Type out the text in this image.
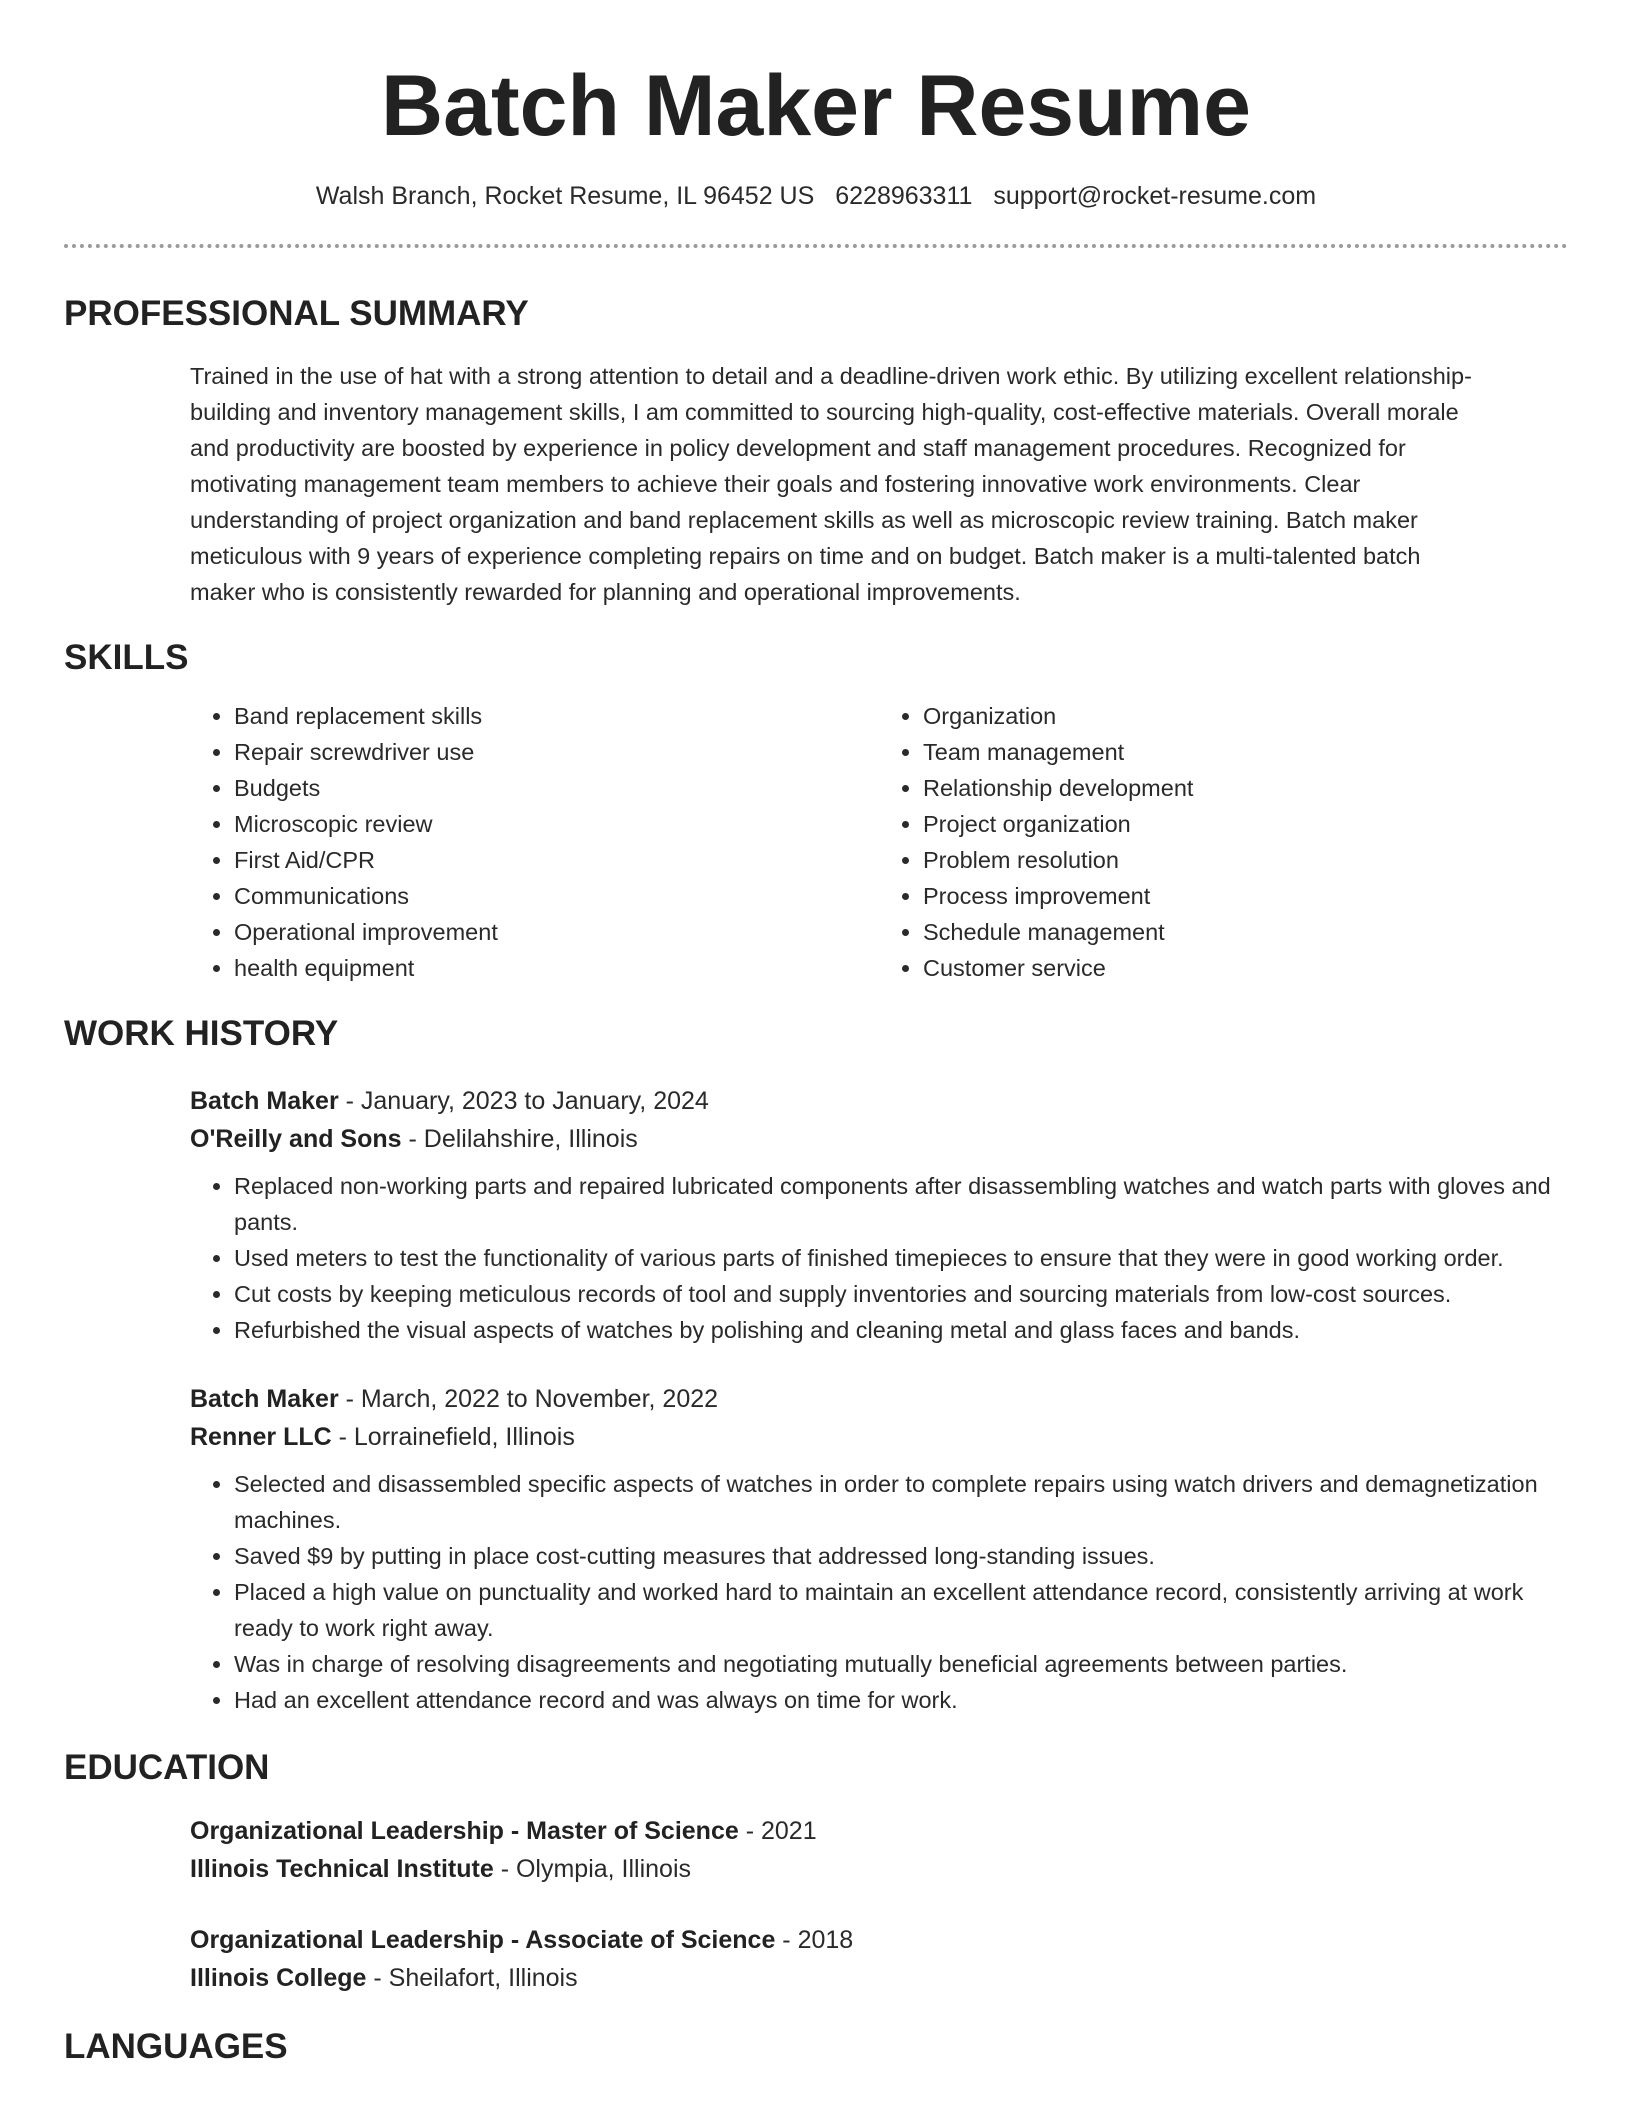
Batch Maker Resume
Walsh Branch, Rocket Resume, IL 96452 US 6228963311 support@rocket-resume.com
PROFESSIONAL SUMMARY

Trained in the use of hat with a strong attention to detail and a deadline-driven work ethic. By utilizing excellent relationship-

building and inventory management skills, I am committed to sourcing high-quality, cost-effective materials. Overall morale

and productivity are boosted by experience in policy development and staff management procedures. Recognized for

motivating management team members to achieve their goals and fostering innovative work environments. Clear

understanding of project organization and band replacement skills as well as microscopic review training. Batch maker

meticulous with 9 years of experience completing repairs on time and on budget. Batch maker is a multi-talented batch

maker who is consistently rewarded for planning and operational improvements.

SKILLS
• Band replacement skills
• Repair screwdriver use
• Budgets
• Microscopic review
• First Aid/CPR
• Communications
• Operational improvement
• health equipment
• Organization
• Team management
• Relationship development
• Project organization
• Problem resolution
• Process improvement
• Schedule management
• Customer service
WORK HISTORY
Batch Maker - January, 2023 to January, 2024
O'Reilly and Sons - Delilahshire, Illinois
• Replaced non-working parts and repaired lubricated components after disassembling watches and watch parts with gloves and pants.
• Used meters to test the functionality of various parts of finished timepieces to ensure that they were in good working order.
• Cut costs by keeping meticulous records of tool and supply inventories and sourcing materials from low-cost sources.
• Refurbished the visual aspects of watches by polishing and cleaning metal and glass faces and bands.
Batch Maker - March, 2022 to November, 2022
Renner LLC - Lorrainefield, Illinois
• Selected and disassembled specific aspects of watches in order to complete repairs using watch drivers and demagnetization machines.
• Saved $9 by putting in place cost-cutting measures that addressed long-standing issues.
• Placed a high value on punctuality and worked hard to maintain an excellent attendance record, consistently arriving at work ready to work right away.
• Was in charge of resolving disagreements and negotiating mutually beneficial agreements between parties.
• Had an excellent attendance record and was always on time for work.
EDUCATION
Organizational Leadership - Master of Science - 2021
Illinois Technical Institute - Olympia, Illinois
Organizational Leadership - Associate of Science - 2018
Illinois College - Sheilafort, Illinois
LANGUAGES
